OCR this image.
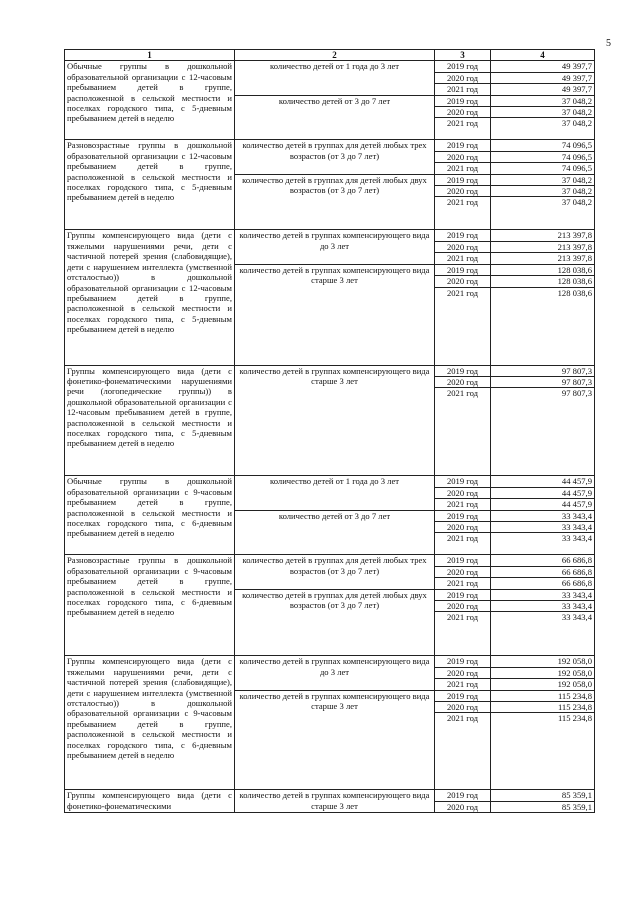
5
1	2	3	4
Обычные группы в дошкольной образовательной организации с 12-часовым пребыванием детей в группе, расположенной в сельской местности и поселках городского типа, с 5-дневным пребыванием детей в неделю	количество детей от 1 года до 3 лет	2019 год	49 397,7
		2020 год	49 397,7
		2021 год	49 397,7
	количество детей от 3 до 7 лет	2019 год	37 048,2
		2020 год	37 048,2
		2021 год	37 048,2
Разновозрастные группы в дошкольной образовательной организации с 12-часовым пребыванием детей в группе, расположенной в сельской местности и поселках городского типа, с 5-дневным пребыванием детей в неделю	количество детей в группах для детей любых трех возрастов (от 3 до 7 лет)	2019 год	74 096,5
		2020 год	74 096,5
		2021 год	74 096,5
	количество детей в группах для детей любых двух возрастов (от 3 до 7 лет)	2019 год	37 048,2
		2020 год	37 048,2
		2021 год	37 048,2
Группы компенсирующего вида (дети с тяжелыми нарушениями речи, дети с частичной потерей зрения (слабовидящие), дети с нарушением интеллекта (умственной отсталостью)) в дошкольной образовательной организации с 12-часовым пребыванием детей в группе, расположенной в сельской местности и поселках городского типа, с 5-дневным пребыванием детей в неделю	количество детей в группах компенсирующего вида до 3 лет	2019 год	213 397,8
		2020 год	213 397,8
		2021 год	213 397,8
	количество детей в группах компенсирующего вида старше 3 лет	2019 год	128 038,6
		2020 год	128 038,6
		2021 год	128 038,6
Группы компенсирующего вида (дети с фонетико-фонематическими нарушениями речи (логопедические группы)) в дошкольной образовательной организации с 12-часовым пребыванием детей в группе, расположенной в сельской местности и поселках городского типа, с 5-дневным пребыванием детей в неделю	количество детей в группах компенсирующего вида старше 3 лет	2019 год	97 807,3
		2020 год	97 807,3
		2021 год	97 807,3
Обычные группы в дошкольной образовательной организации с 9-часовым пребыванием детей в группе, расположенной в сельской местности и поселках городского типа, с 6-дневным пребыванием детей в неделю	количество детей от 1 года до 3 лет	2019 год	44 457,9
		2020 год	44 457,9
		2021 год	44 457,9
	количество детей от 3 до 7 лет	2019 год	33 343,4
		2020 год	33 343,4
		2021 год	33 343,4
Разновозрастные группы в дошкольной образовательной организации с 9-часовым пребыванием детей в группе, расположенной в сельской местности и поселках городского типа, с 6-дневным пребыванием детей в неделю	количество детей в группах для детей любых трех возрастов (от 3 до 7 лет)	2019 год	66 686,8
		2020 год	66 686,8
		2021 год	66 686,8
	количество детей в группах для детей любых двух возрастов (от 3 до 7 лет)	2019 год	33 343,4
		2020 год	33 343,4
		2021 год	33 343,4
Группы компенсирующего вида (дети с тяжелыми нарушениями речи, дети с частичной потерей зрения (слабовидящие), дети с нарушением интеллекта (умственной отсталостью)) в дошкольной образовательной организации с 9-часовым пребыванием детей в группе, расположенной в сельской местности и поселках городского типа, с 6-дневным пребыванием детей в неделю	количество детей в группах компенсирующего вида до 3 лет	2019 год	192 058,0
		2020 год	192 058,0
		2021 год	192 058,0
	количество детей в группах компенсирующего вида старше 3 лет	2019 год	115 234,8
		2020 год	115 234,8
		2021 год	115 234,8
Группы компенсирующего вида (дети с фонетико-фонематическими	количество детей в группах компенсирующего вида старше 3 лет	2019 год	85 359,1
		2020 год	85 359,1
